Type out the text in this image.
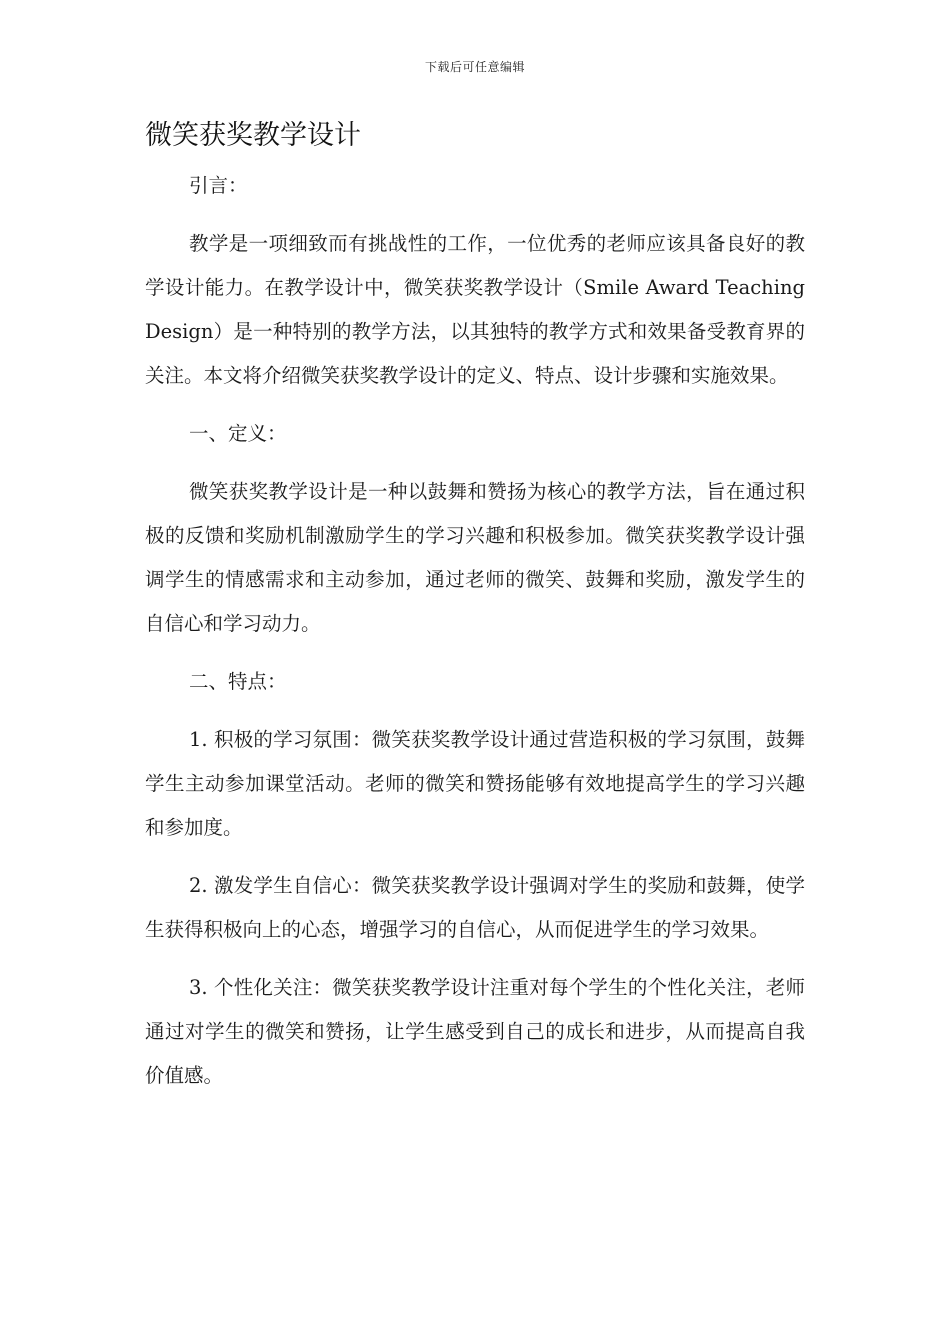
下载后可任意编辑
微笑获奖教学设计

引言：

教学是一项细致而有挑战性的工作，一位优秀的老师应该具备良好的教学设计能力。在教学设计中，微笑获奖教学设计（Smile Award Teaching Design）是一种特别的教学方法，以其独特的教学方式和效果备受教育界的关注。本文将介绍微笑获奖教学设计的定义、特点、设计步骤和实施效果。

一、定义：

微笑获奖教学设计是一种以鼓舞和赞扬为核心的教学方法，旨在通过积极的反馈和奖励机制激励学生的学习兴趣和积极参加。微笑获奖教学设计强调学生的情感需求和主动参加，通过老师的微笑、鼓舞和奖励，激发学生的自信心和学习动力。

二、特点：

1. 积极的学习氛围：微笑获奖教学设计通过营造积极的学习氛围，鼓舞学生主动参加课堂活动。老师的微笑和赞扬能够有效地提高学生的学习兴趣和参加度。

2. 激发学生自信心：微笑获奖教学设计强调对学生的奖励和鼓舞，使学生获得积极向上的心态，增强学习的自信心，从而促进学生的学习效果。

3. 个性化关注：微笑获奖教学设计注重对每个学生的个性化关注，老师通过对学生的微笑和赞扬，让学生感受到自己的成长和进步，从而提高自我价值感。
